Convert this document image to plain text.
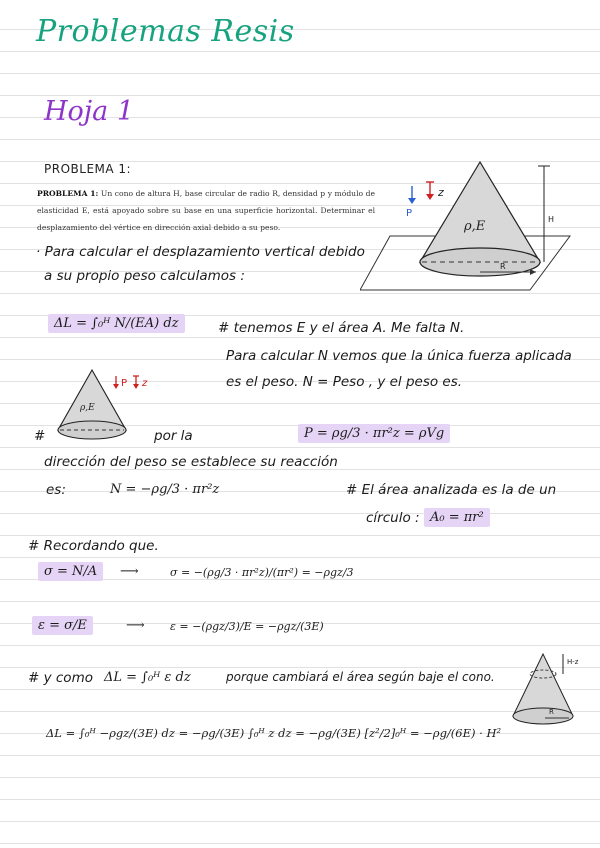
Problemas Resis
Hoja 1
PROBLEMA 1:
PROBLEMA 1: Un cono de altura H, base circular de radio R, densidad p y módulo de elasticidad E, está apoyado sobre su base en una superficie horizontal. Determinar el desplazamiento del vértice en dirección axial debido a su peso.
z
P
ρ,E	H
R
· Para calcular el desplazamiento vertical debido
a su propio peso calculamos :
ΔL = ∫₀ᴴ N/(EA) dz	# tenemos E y el área A. Me falta N.
Para calcular N vemos que la única fuerza aplicada
es el peso. N = Peso , y el peso es.
ρ,E
P z
#	por la	P = ρg/3 · πr²z = ρVg
dirección del peso se establece su reacción
es:	N = −ρg/3 · πr²z	# El área analizada es la de un
círculo : A₀ = πr²
# Recordando que.
σ = N/A	⟶	σ = −(ρg/3 · πr²z)/(πr²) = −ρgz/3
ε = σ/E	⟶ ε = −(ρgz/3)/E = −ρgz/(3E)
# y como ΔL = ∫₀ᴴ ε dz	porque cambiará el área según baje el cono.
H-z
R
ΔL = ∫₀ᴴ −ρgz/(3E) dz = −ρg/(3E) ∫₀ᴴ z dz = −ρg/(3E) [z²/2]₀ᴴ = −ρg/(6E) · H²
